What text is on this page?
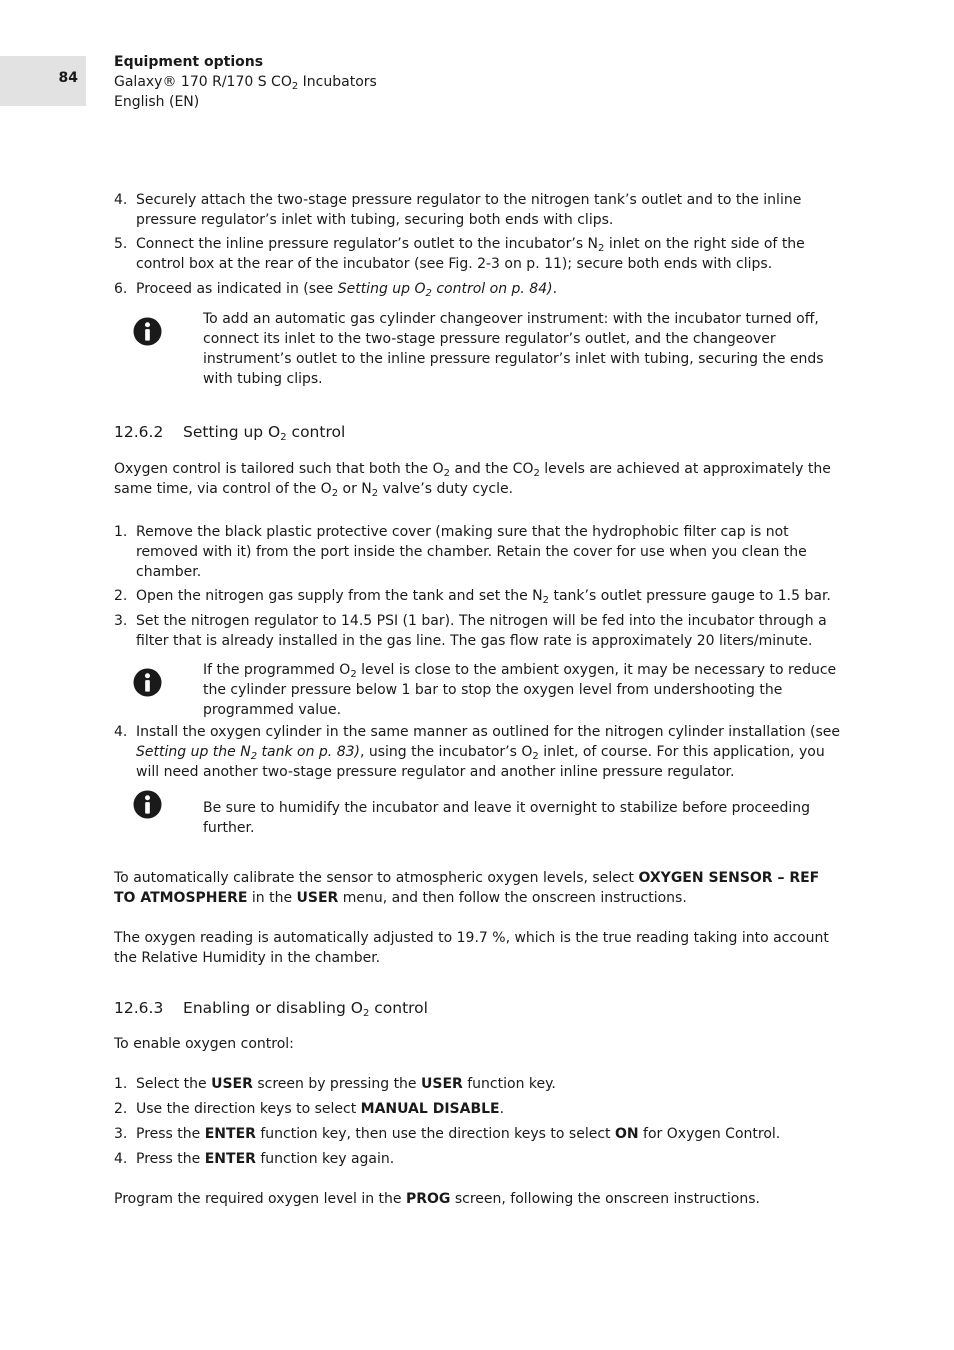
84
Equipment options
Galaxy® 170 R/170 S $CO_2$ Incubators
English (EN)
4. Securely attach the two-stage pressure regulator to the nitrogen tank’s outlet and to the inline pressure regulator’s inlet with tubing, securing both ends with clips.
5. Connect the inline pressure regulator’s outlet to the incubator’s $N_2$ inlet on the right side of the control box at the rear of the incubator (see Fig. 2-3 on p. 11); secure both ends with clips.
6. Proceed as indicated in (see Setting up $O_2$ control on p. 84).
To add an automatic gas cylinder changeover instrument: with the incubator turned off, connect its inlet to the two-stage pressure regulator’s outlet, and the changeover instrument’s outlet to the inline pressure regulator’s inlet with tubing, securing the ends with tubing clips.
12.6.2 Setting up $O_2$ control

Oxygen control is tailored such that both the $O_2$ and the $CO_2$ levels are achieved at approximately the same time, via control of the $O_2$ or $N_2$ valve’s duty cycle.

1. Remove the black plastic protective cover (making sure that the hydrophobic filter cap is not removed with it) from the port inside the chamber. Retain the cover for use when you clean the chamber.
2. Open the nitrogen gas supply from the tank and set the $N_2$ tank’s outlet pressure gauge to 1.5 bar.
3. Set the nitrogen regulator to 14.5 PSI (1 bar). The nitrogen will be fed into the incubator through a filter that is already installed in the gas line. The gas flow rate is approximately 20 liters/minute.
If the programmed $O_2$ level is close to the ambient oxygen, it may be necessary to reduce the cylinder pressure below 1 bar to stop the oxygen level from undershooting the programmed value.
4. Install the oxygen cylinder in the same manner as outlined for the nitrogen cylinder installation (see Setting up the $N_2$ tank on p. 83), using the incubator’s $O_2$ inlet, of course. For this application, you will need another two-stage pressure regulator and another inline pressure regulator.
Be sure to humidify the incubator and leave it overnight to stabilize before proceeding further.

To automatically calibrate the sensor to atmospheric oxygen levels, select OXYGEN SENSOR – REF TO ATMOSPHERE in the USER menu, and then follow the onscreen instructions.

The oxygen reading is automatically adjusted to 19.7 %, which is the true reading taking into account the Relative Humidity in the chamber.

12.6.3 Enabling or disabling $O_2$ control

To enable oxygen control:

1. Select the USER screen by pressing the USER function key.
2. Use the direction keys to select MANUAL DISABLE.
3. Press the ENTER function key, then use the direction keys to select ON for Oxygen Control.
4. Press the ENTER function key again.

Program the required oxygen level in the PROG screen, following the onscreen instructions.
